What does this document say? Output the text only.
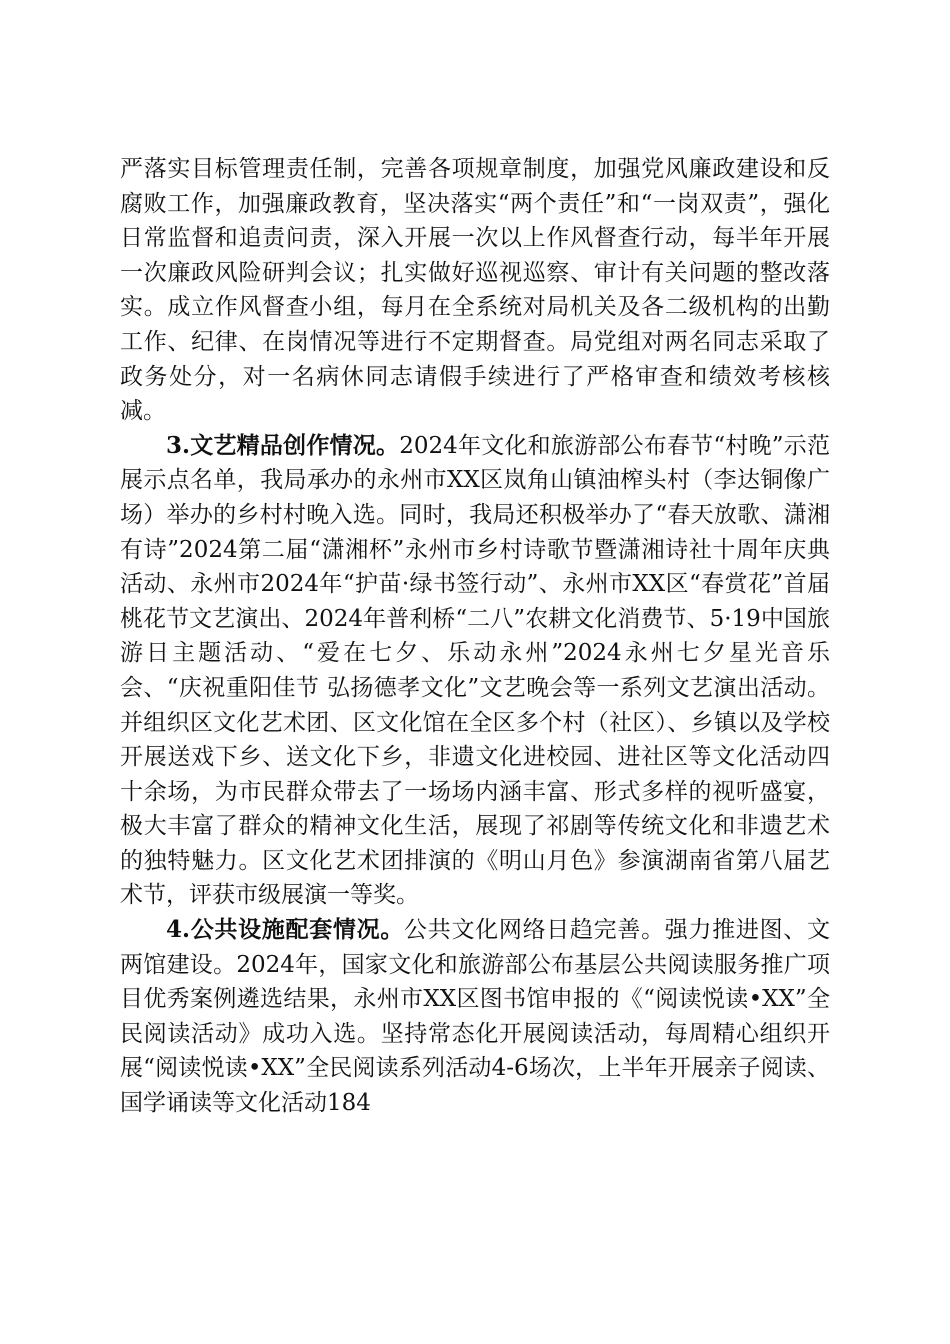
严落实目标管理责任制，完善各项规章制度，加强党风廉政建设和反腐败工作，加强廉政教育，坚决落实“两个责任”和“一岗双责”，强化日常监督和追责问责，深入开展一次以上作风督查行动，每半年开展一次廉政风险研判会议；扎实做好巡视巡察、审计有关问题的整改落实。成立作风督查小组，每月在全系统对局机关及各二级机构的出勤工作、纪律、在岗情况等进行不定期督查。局党组对两名同志采取了政务处分，对一名病休同志请假手续进行了严格审查和绩效考核核减。

3.文艺精品创作情况。2024年文化和旅游部公布春节“村晚”示范展示点名单，我局承办的永州市XX区岚角山镇油榨头村（李达铜像广场）举办的乡村村晚入选。同时，我局还积极举办了“春天放歌、潇湘有诗”2024第二届“潇湘杯”永州市乡村诗歌节暨潇湘诗社十周年庆典活动、永州市2024年“护苗·绿书签行动”、永州市XX区“春赏花”首届桃花节文艺演出、2024年普利桥“二八”农耕文化消费节、5·19中国旅游日主题活动、“爱在七夕、乐动永州”2024永州七夕星光音乐会、“庆祝重阳佳节 弘扬德孝文化”文艺晚会等一系列文艺演出活动。并组织区文化艺术团、区文化馆在全区多个村（社区）、乡镇以及学校开展送戏下乡、送文化下乡，非遗文化进校园、进社区等文化活动四十余场，为市民群众带去了一场场内涵丰富、形式多样的视听盛宴，极大丰富了群众的精神文化生活，展现了祁剧等传统文化和非遗艺术的独特魅力。区文化艺术团排演的《明山月色》参演湖南省第八届艺术节，评获市级展演一等奖。

4.公共设施配套情况。公共文化网络日趋完善。强力推进图、文两馆建设。2024年，国家文化和旅游部公布基层公共阅读服务推广项目优秀案例遴选结果，永州市XX区图书馆申报的《“阅读悦读•XX”全民阅读活动》成功入选。坚持常态化开展阅读活动，每周精心组织开展“阅读悦读•XX”全民阅读系列活动4-6场次，上半年开展亲子阅读、国学诵读等文化活动184
